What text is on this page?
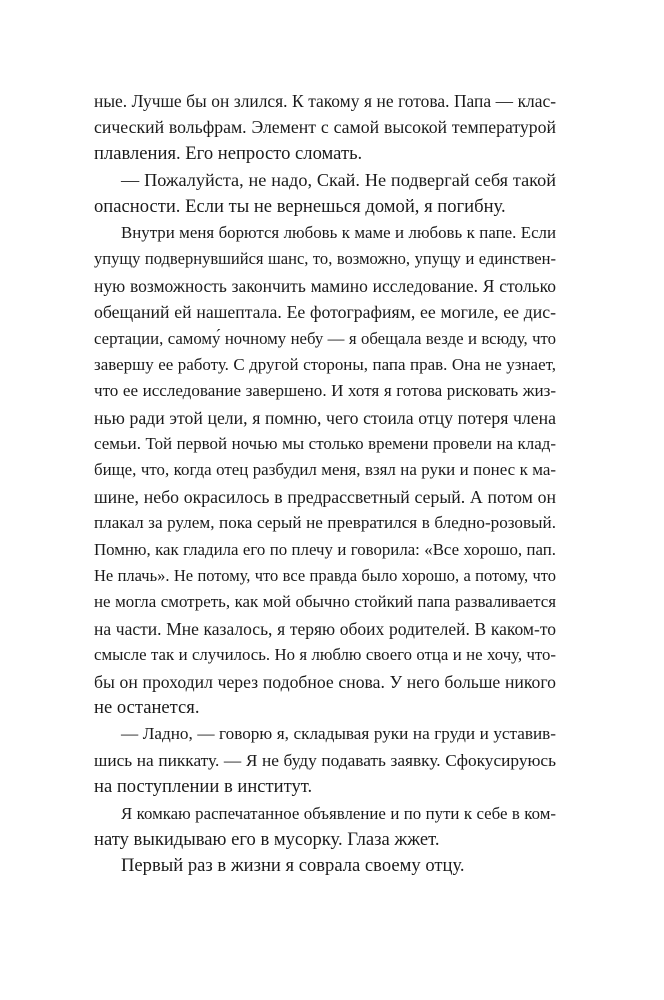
ные. Лучше бы он злился. К такому я не готова. Папа — клас-
сический вольфрам. Элемент с самой высокой температурой
плавления. Его непросто сломать.
— Пожалуйста, не надо, Скай. Не подвергай себя такой
опасности. Если ты не вернешься домой, я погибну.
Внутри меня борются любовь к маме и любовь к папе. Если
упущу подвернувшийся шанс, то, возможно, упущу и единствен-
ную возможность закончить мамино исследование. Я столько
обещаний ей нашептала. Ее фотографиям, ее могиле, ее дис-
сертации, самому́ ночному небу — я обещала везде и всюду, что
завершу ее работу. С другой стороны, папа прав. Она не узнает,
что ее исследование завершено. И хотя я готова рисковать жиз-
нью ради этой цели, я помню, чего стоила отцу потеря члена
семьи. Той первой ночью мы столько времени провели на клад-
бище, что, когда отец разбудил меня, взял на руки и понес к ма-
шине, небо окрасилось в предрассветный серый. А потом он
плакал за рулем, пока серый не превратился в бледно-розовый.
Помню, как гладила его по плечу и говорила: «Все хорошо, пап.
Не плачь». Не потому, что все правда было хорошо, а потому, что
не могла смотреть, как мой обычно стойкий папа разваливается
на части. Мне казалось, я теряю обоих родителей. В каком-то
смысле так и случилось. Но я люблю своего отца и не хочу, что-
бы он проходил через подобное снова. У него больше никого
не останется.
— Ладно, — говорю я, складывая руки на груди и уставив-
шись на пиккату. — Я не буду подавать заявку. Сфокусируюсь
на поступлении в институт.
Я комкаю распечатанное объявление и по пути к себе в ком-
нату выкидываю его в мусорку. Глаза жжет.
Первый раз в жизни я соврала своему отцу.
